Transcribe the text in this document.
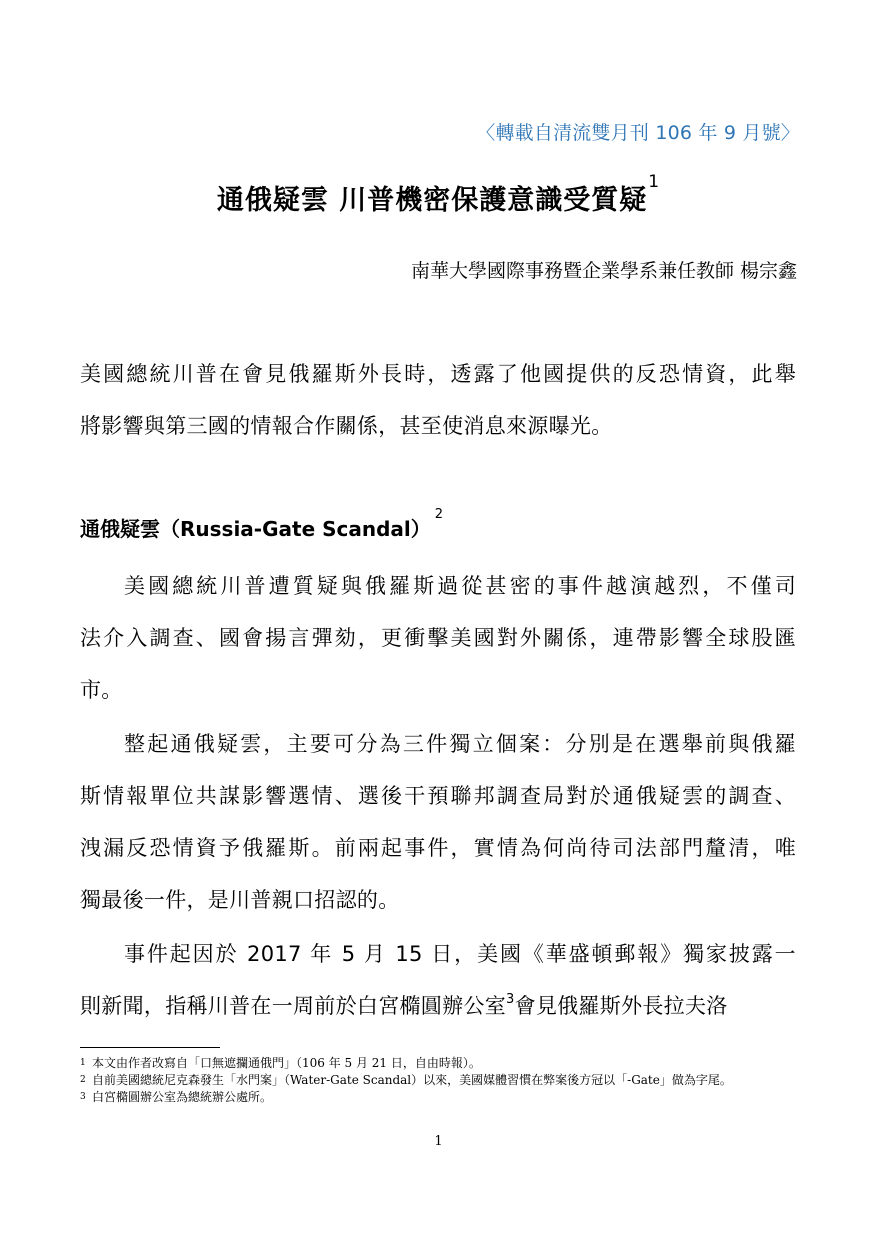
〈轉載自清流雙月刊 106 年 9 月號〉
通俄疑雲 川普機密保護意識受質疑$^1$
南華大學國際事務暨企業學系兼任教師 楊宗鑫
美國總統川普在會見俄羅斯外長時，透露了他國提供的反恐情資，此舉
將影響與第三國的情報合作關係，甚至使消息來源曝光。
通俄疑雲（Russia-Gate Scandal）$^2$
美國總統川普遭質疑與俄羅斯過從甚密的事件越演越烈，不僅司
法介入調查、國會揚言彈劾，更衝擊美國對外關係，連帶影響全球股匯
市。
整起通俄疑雲，主要可分為三件獨立個案：分別是在選舉前與俄羅
斯情報單位共謀影響選情、選後干預聯邦調查局對於通俄疑雲的調查、
洩漏反恐情資予俄羅斯。前兩起事件，實情為何尚待司法部門釐清，唯
獨最後一件，是川普親口招認的。
事件起因於 2017 年 5 月 15 日，美國《華盛頓郵報》獨家披露一
則新聞，指稱川普在一周前於白宮橢圓辦公室$^3$會見俄羅斯外長拉夫洛
1 本文由作者改寫自「口無遮攔通俄門」（106 年 5 月 21 日，自由時報）。
2 自前美國總統尼克森發生「水門案」（Water-Gate Scandal）以來，美國媒體習慣在弊案後方冠以「-Gate」做為字尾。
3 白宮橢圓辦公室為總統辦公處所。
1
